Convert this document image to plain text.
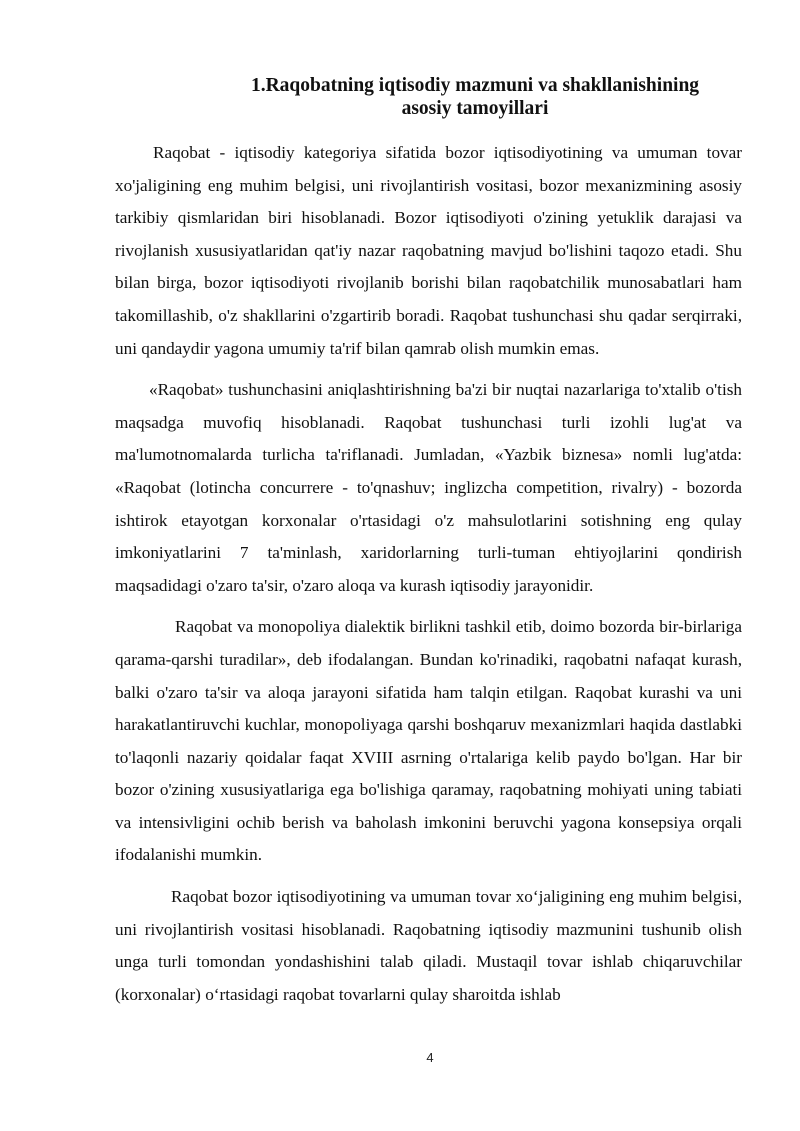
1.Raqobatning iqtisodiy mazmuni va shakllanishining
asosiy tamoyillari

Raqobat - iqtisodiy kategoriya sifatida bozor iqtisodiyotining va umuman tovar xo'jaligining eng muhim belgisi, uni rivojlantirish vositasi, bozor mexanizmining asosiy tarkibiy qismlaridan biri hisoblanadi. Bozor iqtisodiyoti o'zining yetuklik darajasi va rivojlanish xususiyatlaridan qat'iy nazar raqobatning mavjud bo'lishini taqozo etadi. Shu bilan birga, bozor iqtisodiyoti rivojlanib borishi bilan raqobatchilik munosabatlari ham takomillashib, o'z shakllarini o'zgartirib boradi. Raqobat tushunchasi shu qadar serqirraki, uni qandaydir yagona umumiy ta'rif bilan qamrab olish mumkin emas.

«Raqobat» tushunchasini aniqlashtirishning ba'zi bir nuqtai nazarlariga to'xtalib o'tish maqsadga muvofiq hisoblanadi. Raqobat tushunchasi turli izohli lug'at va ma'lumotnomalarda turlicha ta'riflanadi. Jumladan, «Yazbik biznesa» nomli lug'atda: «Raqobat (lotincha concurrere - to'qnashuv; inglizcha competition, rivalry) - bozorda ishtirok etayotgan korxonalar o'rtasidagi o'z mahsulotlarini sotishning eng qulay imkoniyatlarini 7 ta'minlash, xaridorlarning turli-tuman ehtiyojlarini qondirish maqsadidagi o'zaro ta'sir, o'zaro aloqa va kurash iqtisodiy jarayonidir.

Raqobat va monopoliya dialektik birlikni tashkil etib, doimo bozorda bir-birlariga qarama-qarshi turadilar», deb ifodalangan. Bundan ko'rinadiki, raqobatni nafaqat kurash, balki o'zaro ta'sir va aloqa jarayoni sifatida ham talqin etilgan. Raqobat kurashi va uni harakatlantiruvchi kuchlar, monopoliyaga qarshi boshqaruv mexanizmlari haqida dastlabki to'laqonli nazariy qoidalar faqat XVIII asrning o'rtalariga kelib paydo bo'lgan. Har bir bozor o'zining xususiyatlariga ega bo'lishiga qaramay, raqobatning mohiyati uning tabiati va intensivligini ochib berish va baholash imkonini beruvchi yagona konsepsiya orqali ifodalanishi mumkin.

Raqobat bozor iqtisodiyotining va umuman tovar xo‘jaligining eng muhim belgisi, uni rivojlantirish vositasi hisoblanadi. Raqobatning iqtisodiy mazmunini tushunib olish unga turli tomondan yondashishini talab qiladi. Mustaqil tovar ishlab chiqaruvchilar (korxonalar) o‘rtasidagi raqobat tovarlarni qulay sharoitda ishlab

4
